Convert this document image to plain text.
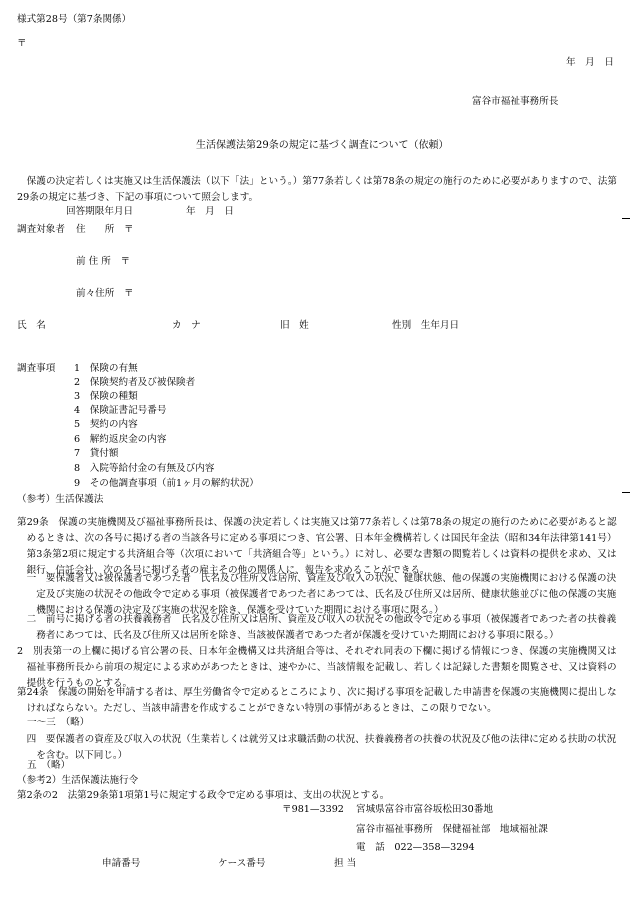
様式第28号（第7条関係）
〒
年　月　日
富谷市福祉事務所長
生活保護法第29条の規定に基づく調査について（依頼）
保護の決定若しくは実施又は生活保護法（以下「法」という。）第77条若しくは第78条の規定の施行のために必要がありますので、法第29条の規定に基づき、下記の事項について照会します。
回答期限年月日	年　月　日
調査対象者 住　　所　〒
前 住 所　〒
前々住所　〒
氏　名	カ　ナ	旧　姓	性別　生年月日
調査事項 1　 保険の有無
2　 保険契約者及び被保険者
3　 保険の種類
4　 保険証書記号番号
5　 契約の内容
6　 解約返戻金の内容
7　 貸付額
8　 入院等給付金の有無及び内容
9　 その他調査事項（前1ヶ月の解約状況）
（参考）生活保護法
第29条　保護の実施機関及び福祉事務所長は、保護の決定若しくは実施又は第77条若しくは第78条の規定の施行のために必要があると認めるときは、次の各号に掲げる者の当該各号に定める事項につき、官公署、日本年金機構若しくは国民年金法（昭和34年法律第141号）第3条第2項に規定する共済組合等（次項において「共済組合等」という。）に対し、必要な書類の閲覧若しくは資料の提供を求め、又は銀行、信託会社、次の各号に掲げる者の雇主その他の関係人に、報告を求めることができる。
一　要保護者又は被保護者であつた者　氏名及び住所又は居所、資産及び収入の状況、健康状態、他の保護の実施機関における保護の決定及び実施の状況その他政令で定める事項（被保護者であつた者にあつては、氏名及び住所又は居所、健康状態並びに他の保護の実施機関における保護の決定及び実施の状況を除き、保護を受けていた期間における事項に限る。）
二　前号に掲げる者の扶養義務者　氏名及び住所又は居所、資産及び収入の状況その他政令で定める事項（被保護者であつた者の扶養義務者にあつては、氏名及び住所又は居所を除き、当該被保護者であつた者が保護を受けていた期間における事項に限る。）
2　別表第一の上欄に掲げる官公署の長、日本年金機構又は共済組合等は、それぞれ同表の下欄に掲げる情報につき、保護の実施機関又は福祉事務所長から前項の規定による求めがあつたときは、速やかに、当該情報を記載し、若しくは記録した書類を閲覧させ、又は資料の提供を行うものとする。
第24条　保護の開始を申請する者は、厚生労働省令で定めるところにより、次に掲げる事項を記載した申請書を保護の実施機関に提出しなければならない。ただし、当該申請書を作成することができない特別の事情があるときは、この限りでない。
一～三　（略）
四　要保護者の資産及び収入の状況（生業若しくは就労又は求職活動の状況、扶養義務者の扶養の状況及び他の法律に定める扶助の状況を含む。以下同じ。）
五　（略）
（参考2）生活保護法施行令
第2条の2　法第29条第1項第1号に規定する政令で定める事項は、支出の状況とする。
〒981—3392 宮城県富谷市富谷坂松田30番地
富谷市福祉事務所　保健福祉部　地域福祉課
電　話　022—358—3294
申請番号	ケース番号	担 当
